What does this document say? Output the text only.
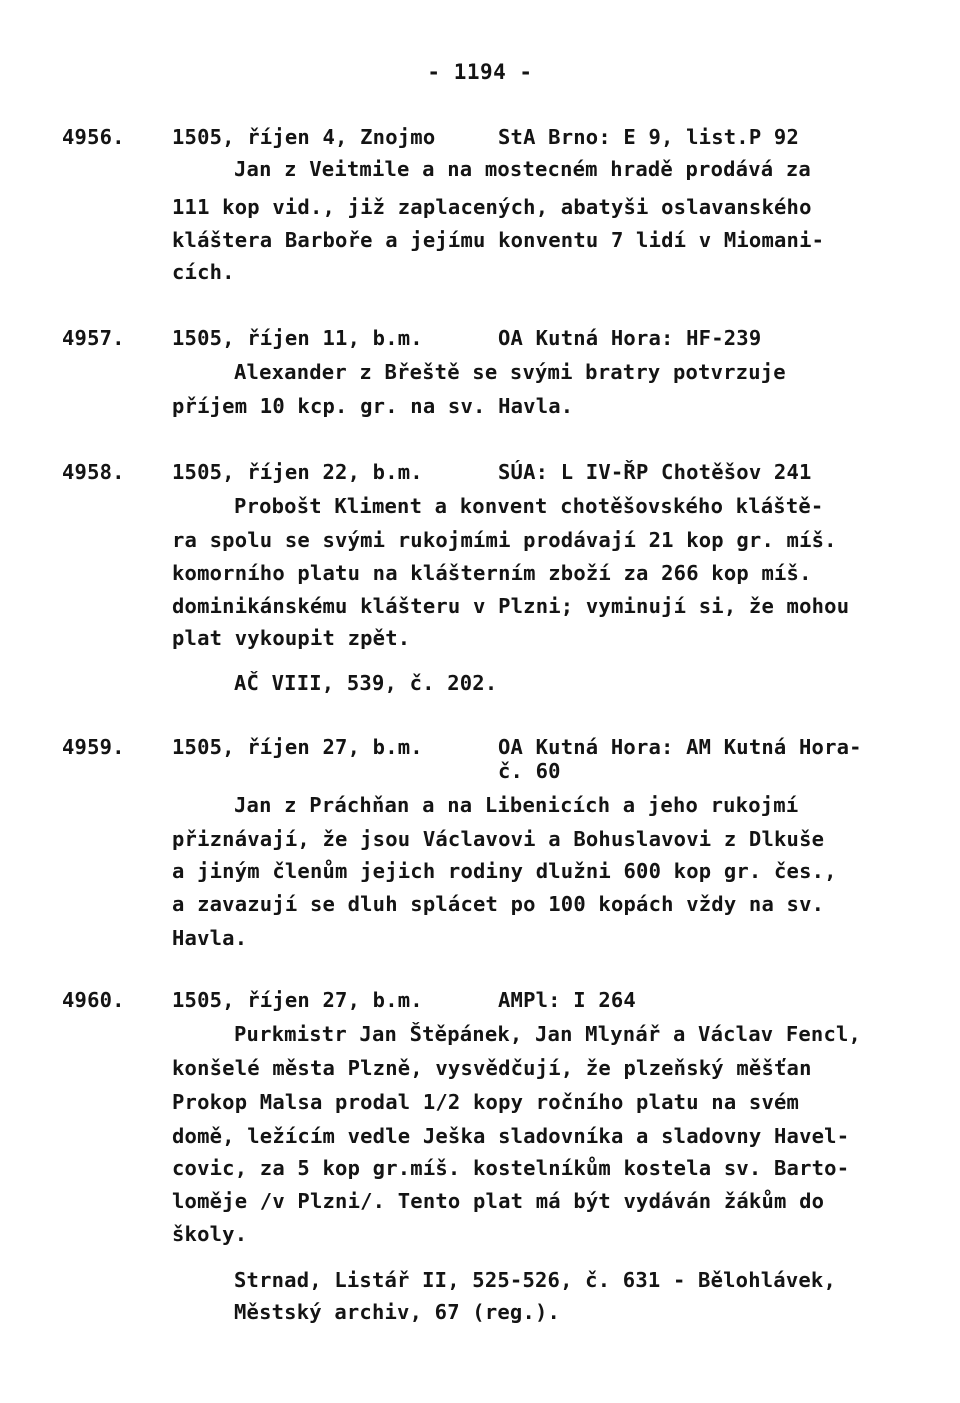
- 1194 -
4956. 1505, říjen 4, Znojmo	StA Brno: E 9, list.P 92
Jan z Veitmile a na mostecném hradě prodává za
111 kop vid., již zaplacených, abatyši oslavanského
kláštera Barboře a jejímu konventu 7 lidí v Miomani-
cích.
4957. 1505, říjen 11, b.m.	OA Kutná Hora: HF-239
Alexander z Břeště se svými bratry potvrzuje
příjem 10 kcp. gr. na sv. Havla.
4958. 1505, říjen 22, b.m.	SÚA: L IV-ŘP Chotěšov 241
Probošt Kliment a konvent chotěšovského kláště-
ra spolu se svými rukojmími prodávají 21 kop gr. míš.
komorního platu na klášterním zboží za 266 kop míš.
dominikánskému klášteru v Plzni; vyminují si, že mohou
plat vykoupit zpět.
AČ VIII, 539, č. 202.
4959. 1505, říjen 27, b.m.	OA Kutná Hora: AM Kutná Hora-
č. 60
Jan z Práchňan a na Libenicích a jeho rukojmí
přiznávají, že jsou Václavovi a Bohuslavovi z Dlkuše
a jiným členům jejich rodiny dlužni 600 kop gr. čes.,
a zavazují se dluh splácet po 100 kopách vždy na sv.
Havla.
4960. 1505, říjen 27, b.m.	AMPl: I 264
Purkmistr Jan Štěpánek, Jan Mlynář a Václav Fencl,
konšelé města Plzně, vysvědčují, že plzeňský měšťan
Prokop Malsa prodal 1/2 kopy ročního platu na svém
domě, ležícím vedle Ješka sladovníka a sladovny Havel-
covic, za 5 kop gr.míš. kostelníkům kostela sv. Barto-
loměje /v Plzni/. Tento plat má být vydáván žákům do
školy.
Strnad, Listář II, 525-526, č. 631 - Bělohlávek,
Městský archiv, 67 (reg.).
